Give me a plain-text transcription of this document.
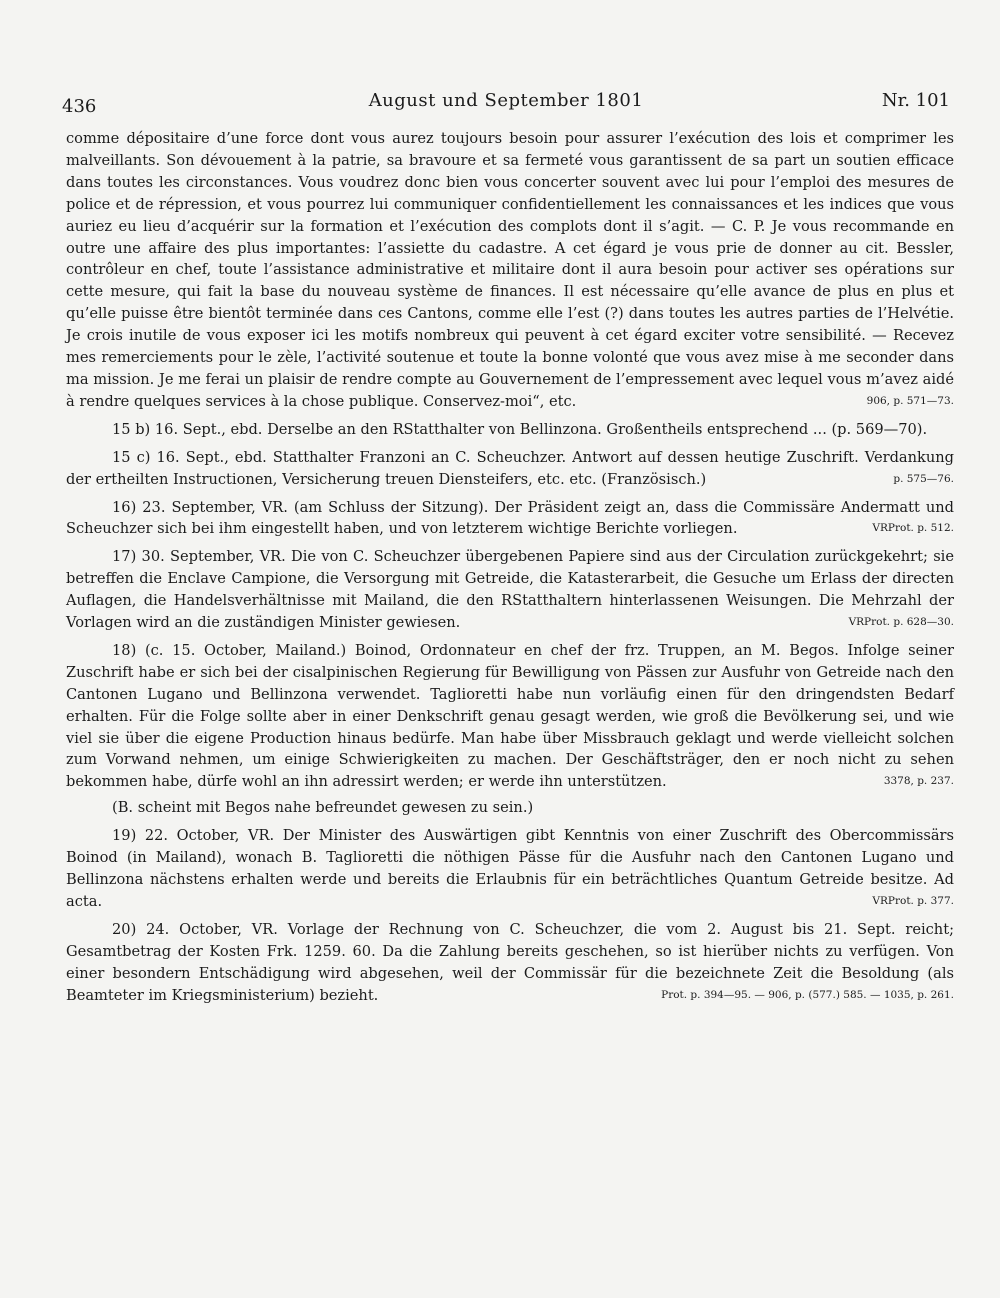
436	August und September 1801	Nr. 101

comme dépositaire d’une force dont vous aurez toujours besoin pour assurer l’exécution des lois et comprimer les malveillants. Son dévouement à la patrie, sa bravoure et sa fermeté vous garantissent de sa part un soutien efficace dans toutes les circonstances. Vous voudrez donc bien vous concerter souvent avec lui pour l’emploi des mesures de police et de répression, et vous pourrez lui communiquer confidentiellement les connaissances et les indices que vous auriez eu lieu d’acquérir sur la formation et l’exécution des complots dont il s’agit. — C. P. Je vous recommande en outre une affaire des plus importantes: l’assiette du cadastre. A cet égard je vous prie de donner au cit. Bessler, contrôleur en chef, toute l’assistance administrative et militaire dont il aura besoin pour activer ses opérations sur cette mesure, qui fait la base du nouveau système de finances. Il est nécessaire qu’elle avance de plus en plus et qu’elle puisse être bientôt terminée dans ces Cantons, comme elle l’est (?) dans toutes les autres parties de l’Helvétie. Je crois inutile de vous exposer ici les motifs nombreux qui peuvent à cet égard exciter votre sensibilité. — Recevez mes remerciements pour le zèle, l’activité soutenue et toute la bonne volonté que vous avez mise à me seconder dans ma mission. Je me ferai un plaisir de rendre compte au Gouvernement de l’empressement avec lequel vous m’avez aidé à rendre quelques services à la chose publique. Conservez-moi“, etc.	906, p. 571—73.

15 b) 16. Sept., ebd. Derselbe an den RStatthalter von Bellinzona. Großentheils entsprechend ... (p. 569—70).

15 c) 16. Sept., ebd. Statthalter Franzoni an C. Scheuchzer. Antwort auf dessen heutige Zuschrift. Verdankung der ertheilten Instructionen, Versicherung treuen Diensteifers, etc. etc. (Französisch.)	p. 575—76.

16) 23. September, VR. (am Schluss der Sitzung). Der Präsident zeigt an, dass die Commissäre Andermatt und Scheuchzer sich bei ihm eingestellt haben, und von letzterem wichtige Berichte vorliegen.	VRProt. p. 512.

17) 30. September, VR. Die von C. Scheuchzer übergebenen Papiere sind aus der Circulation zurückgekehrt; sie betreffen die Enclave Campione, die Versorgung mit Getreide, die Katasterarbeit, die Gesuche um Erlass der directen Auflagen, die Handelsverhältnisse mit Mailand, die den RStatthaltern hinterlassenen Weisungen. Die Mehrzahl der Vorlagen wird an die zuständigen Minister gewiesen.	VRProt. p. 628—30.

18) (c. 15. October, Mailand.) Boinod, Ordonnateur en chef der frz. Truppen, an M. Begos. Infolge seiner Zuschrift habe er sich bei der cisalpinischen Regierung für Bewilligung von Pässen zur Ausfuhr von Getreide nach den Cantonen Lugano und Bellinzona verwendet. Taglioretti habe nun vorläufig einen für den dringendsten Bedarf erhalten. Für die Folge sollte aber in einer Denkschrift genau gesagt werden, wie groß die Bevölkerung sei, und wie viel sie über die eigene Production hinaus bedürfe. Man habe über Missbrauch geklagt und werde vielleicht solchen zum Vorwand nehmen, um einige Schwierigkeiten zu machen. Der Geschäftsträger, den er noch nicht zu sehen bekommen habe, dürfe wohl an ihn adressirt werden; er werde ihn unterstützen.	3378, p. 237.

(B. scheint mit Begos nahe befreundet gewesen zu sein.)

19) 22. October, VR. Der Minister des Auswärtigen gibt Kenntnis von einer Zuschrift des Obercommissärs Boinod (in Mailand), wonach B. Taglioretti die nöthigen Pässe für die Ausfuhr nach den Cantonen Lugano und Bellinzona nächstens erhalten werde und bereits die Erlaubnis für ein beträchtliches Quantum Getreide besitze. Ad acta.	VRProt. p. 377.

20) 24. October, VR. Vorlage der Rechnung von C. Scheuchzer, die vom 2. August bis 21. Sept. reicht; Gesamtbetrag der Kosten Frk. 1259. 60. Da die Zahlung bereits geschehen, so ist hierüber nichts zu verfügen. Von einer besondern Entschädigung wird abgesehen, weil der Commissär für die bezeichnete Zeit die Besoldung (als Beamteter im Kriegsministerium) bezieht.	Prot. p. 394—95. — 906, p. (577.) 585. — 1035, p. 261.
